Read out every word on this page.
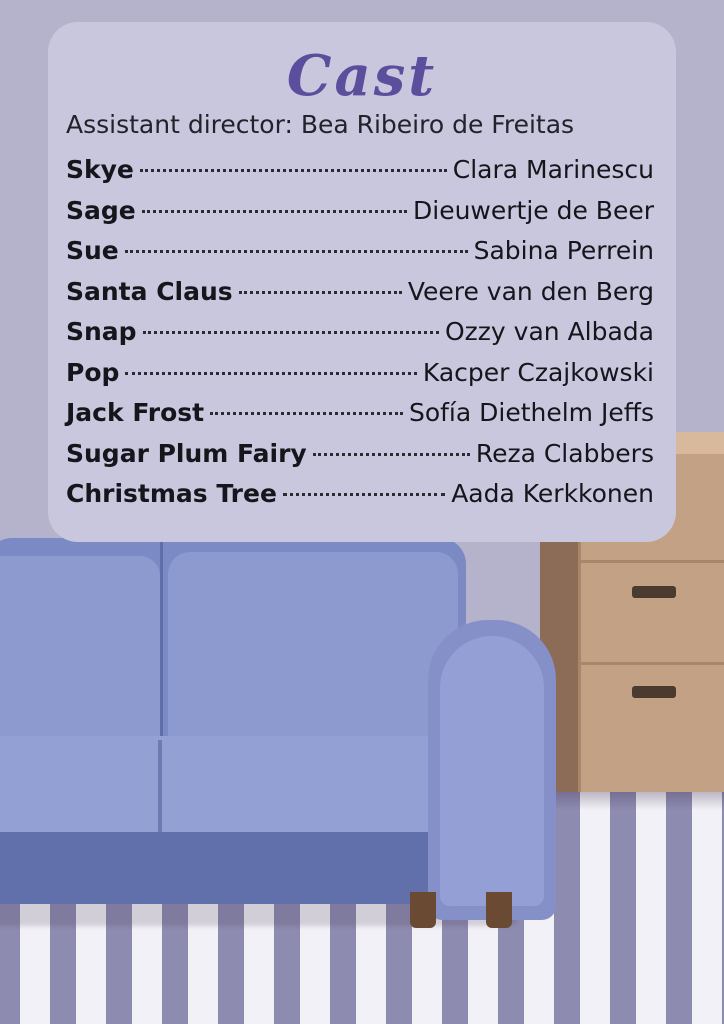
Cast
Assistant director: Bea Ribeiro de Freitas
Skye	Clara Marinescu
Sage	Dieuwertje de Beer
Sue	Sabina Perrein
Santa Claus	Veere van den Berg
Snap	Ozzy van Albada
Pop	Kacper Czajkowski
Jack Frost	Sofía Diethelm Jeffs
Sugar Plum Fairy	Reza Clabbers
Christmas Tree	Aada Kerkkonen
